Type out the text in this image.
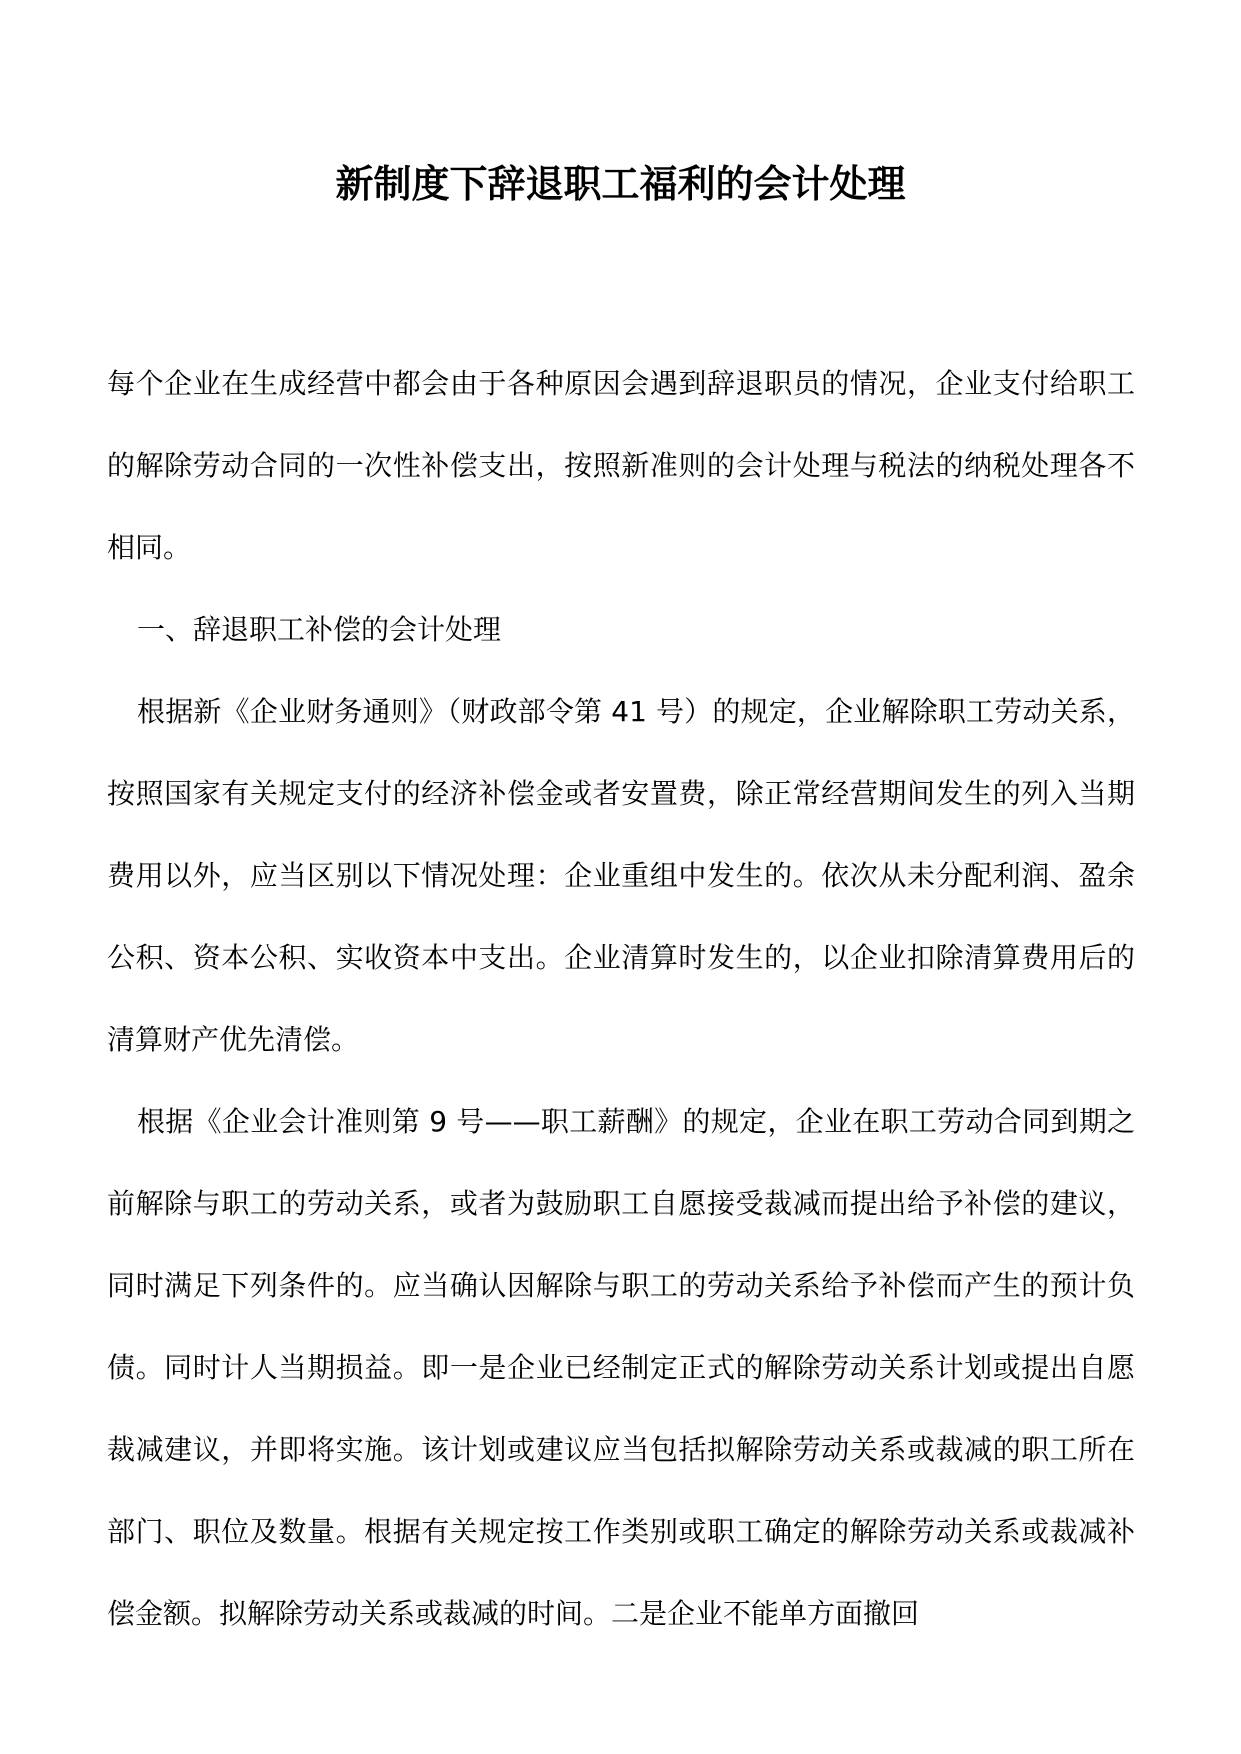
新制度下辞退职工福利的会计处理

每个企业在生成经营中都会由于各种原因会遇到辞退职员的情况，企业支付给职工的解除劳动合同的一次性补偿支出，按照新准则的会计处理与税法的纳税处理各不相同。

一、辞退职工补偿的会计处理

根据新《企业财务通则》（财政部令第 41 号）的规定，企业解除职工劳动关系，按照国家有关规定支付的经济补偿金或者安置费，除正常经营期间发生的列入当期费用以外，应当区别以下情况处理：企业重组中发生的。依次从未分配利润、盈余公积、资本公积、实收资本中支出。企业清算时发生的，以企业扣除清算费用后的清算财产优先清偿。

根据《企业会计准则第 9 号——职工薪酬》的规定，企业在职工劳动合同到期之前解除与职工的劳动关系，或者为鼓励职工自愿接受裁减而提出给予补偿的建议，同时满足下列条件的。应当确认因解除与职工的劳动关系给予补偿而产生的预计负债。同时计人当期损益。即一是企业已经制定正式的解除劳动关系计划或提出自愿裁减建议，并即将实施。该计划或建议应当包括拟解除劳动关系或裁减的职工所在部门、职位及数量。根据有关规定按工作类别或职工确定的解除劳动关系或裁减补偿金额。拟解除劳动关系或裁减的时间。二是企业不能单方面撤回
